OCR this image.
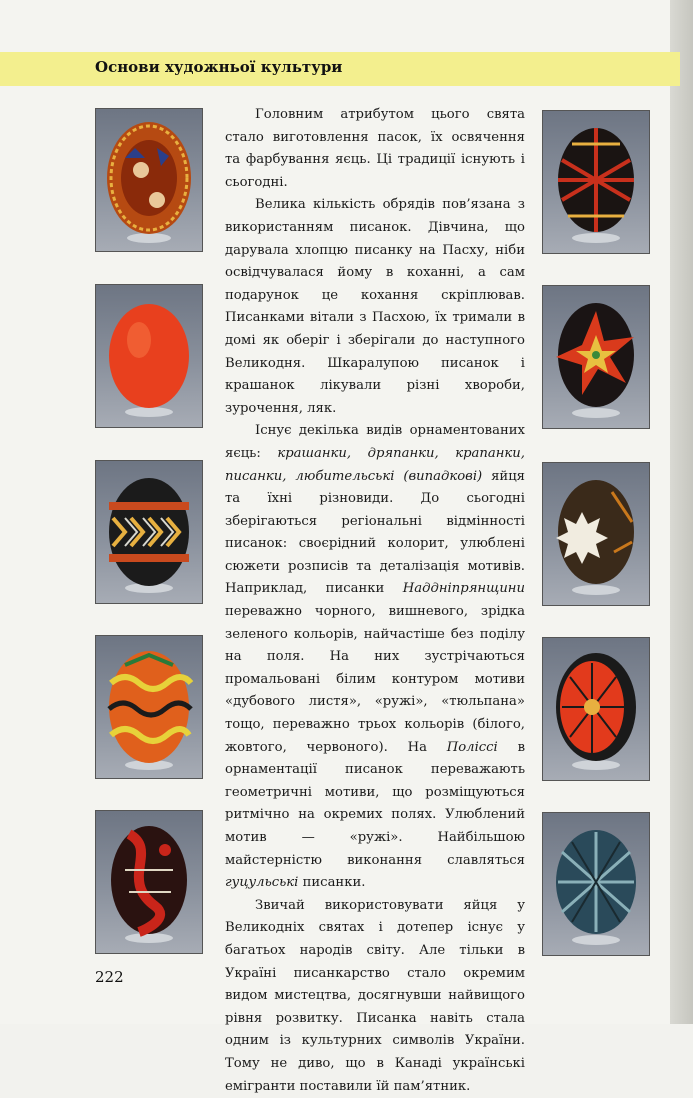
Основи художньої культури

Головним атрибутом цього свята стало виготовлення пасок, їх освячення та фарбування яєць. Ці традиції існують і сьогодні.

Велика кількість обрядів пов’язана з використанням писанок. Дівчина, що дарувала хлопцю писанку на Пасху, ніби освідчувалася йому в коханні, а сам подарунок це кохання скріплював. Писанками вітали з Пасхою, їх тримали в домі як оберіг і зберігали до наступного Великодня. Шкаралупою писанок і крашанок лікували різні хвороби, зурочення, ляк.

Існує декілька видів орнаментованих яєць: крашанки, дряпанки, крапанки, писанки, любительські (випадкові) яйця та їхні різновиди. До сьогодні зберігаються регіональні відмінності писанок: своєрідний колорит, улюблені сюжети розписів та деталізація мотивів. Наприклад, писанки Наддніпрянщини переважно чорного, вишневого, зрідка зеленого кольорів, найчастіше без поділу на поля. На них зустрічаються промальовані білим контуром мотиви «дубового листя», «ружі», «тюльпана» тощо, переважно трьох кольорів (білого, жовтого, червоного). На Поліссі в орнаментації писанок переважають геометричні мотиви, що розміщуються ритмічно на окремих полях. Улюблений мотив — «ружі». Найбільшою майстерністю виконання славляться гуцульські писанки.

Звичай використовувати яйця у Великодніх святах і дотепер існує у багатьох народів світу. Але тільки в Україні писанкарство стало окремим видом мистецтва, досягнувши найвищого рівня розвитку. Писанка навіть стала одним із культурних символів України. Тому не диво, що в Канаді українські емігранти поставили їй пам’ятник.

222
